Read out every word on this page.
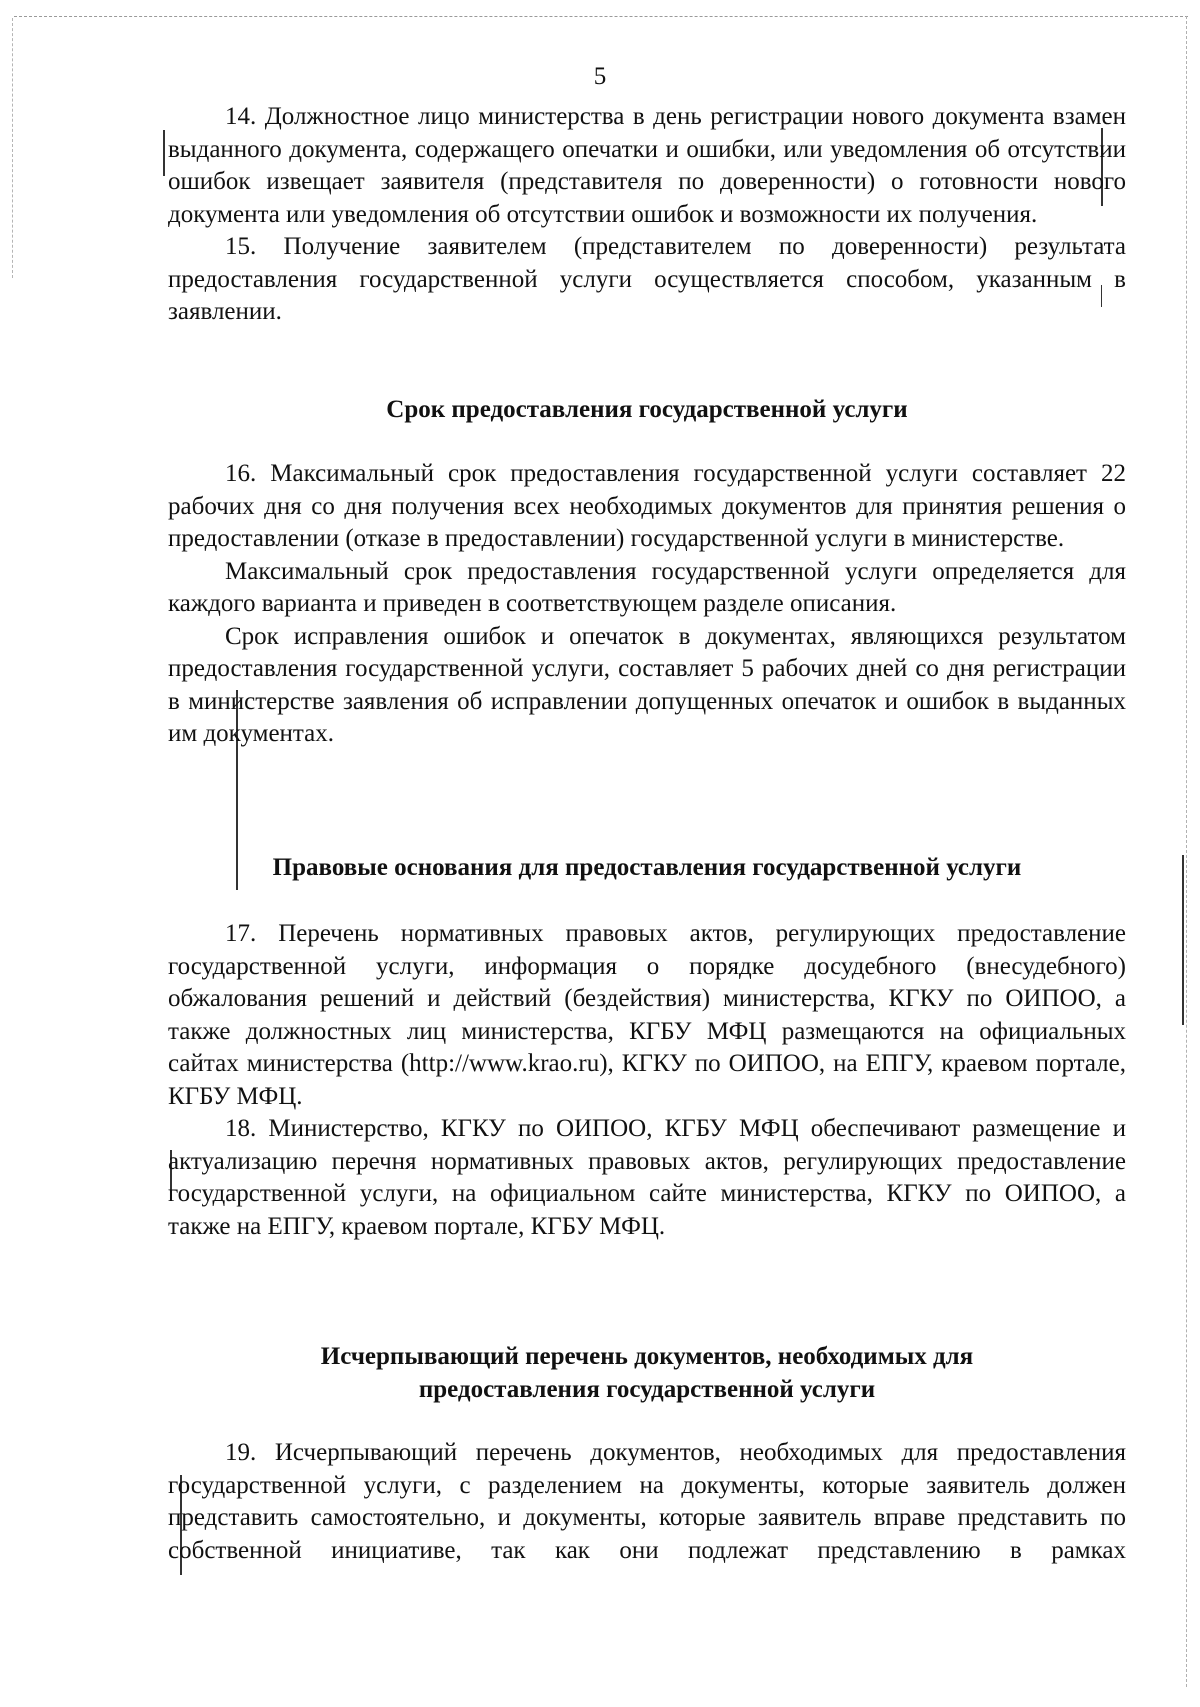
5

14. Должностное лицо министерства в день регистрации нового документа взамен выданного документа, содержащего опечатки и ошибки, или уведомления об отсутствии ошибок извещает заявителя (представителя по доверенности) о готовности нового документа или уведомления об отсутствии ошибок и возможности их получения.

15. Получение заявителем (представителем по доверенности) результата предоставления государственной услуги осуществляется способом, указанным в заявлении.

Срок предоставления государственной услуги

16. Максимальный срок предоставления государственной услуги составляет 22 рабочих дня со дня получения всех необходимых документов для принятия решения о предоставлении (отказе в предоставлении) государственной услуги в министерстве.

Максимальный срок предоставления государственной услуги определяется для каждого варианта и приведен в соответствующем разделе описания.

Срок исправления ошибок и опечаток в документах, являющихся результатом предоставления государственной услуги, составляет 5 рабочих дней со дня регистрации в министерстве заявления об исправлении допущенных опечаток и ошибок в выданных им документах.

Правовые основания для предоставления государственной услуги

17. Перечень нормативных правовых актов, регулирующих предоставление государственной услуги, информация о порядке досудебного (внесудебного) обжалования решений и действий (бездействия) министерства, КГКУ по ОИПОО, а также должностных лиц министерства, КГБУ МФЦ размещаются на официальных сайтах министерства (http://www.krao.ru), КГКУ по ОИПОО, на ЕПГУ, краевом портале, КГБУ МФЦ.

18. Министерство, КГКУ по ОИПОО, КГБУ МФЦ обеспечивают размещение и актуализацию перечня нормативных правовых актов, регулирующих предоставление государственной услуги, на официальном сайте министерства, КГКУ по ОИПОО, а также на ЕПГУ, краевом портале, КГБУ МФЦ.

Исчерпывающий перечень документов, необходимых для
предоставления государственной услуги

19. Исчерпывающий перечень документов, необходимых для предоставления государственной услуги, с разделением на документы, которые заявитель должен представить самостоятельно, и документы, которые заявитель вправе представить по собственной инициативе, так как они подлежат представлению в рамках
